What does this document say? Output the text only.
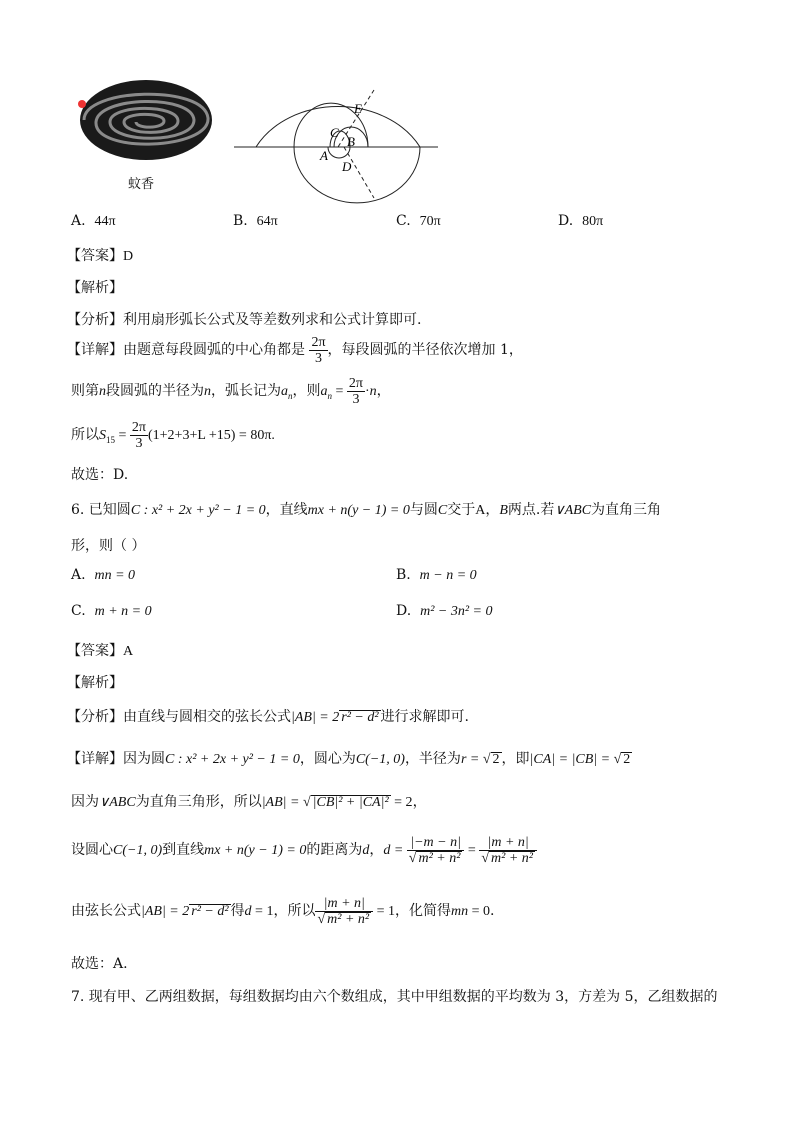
蚊香
E
C
B
A
D
A. 44π	B. 64π	C. 70π	D. 80π
【答案】D
【解析】
【分析】利用扇形弧长公式及等差数列求和公式计算即可.
【详解】由题意每段圆弧的中心角都是 $\frac{2\pi}{3}$ ，每段圆弧的半径依次增加 1，
则第n段圆弧的半径为n，弧长记为$a_n$，则$a_n = \frac{2\pi}{3} \cdot n$，
所以$S_{15} = \frac{2\pi}{3} (1+2+3+L +15) = 80\pi$.
故选：D.
6. 已知圆C : x² + 2x + y² − 1 = 0，直线mx + n(y − 1) = 0与圆C交于A，B两点.若∨ABC为直角三角
形，则（ ）
A. mn = 0	B. m − n = 0
C. m + n = 0	D. m² − 3n² = 0
【答案】A
【解析】
【分析】由直线与圆相交的弦长公式|AB| = 2 r² − d² 进行求解即可.
【详解】因为圆C : x² + 2x + y² − 1 = 0，圆心为C(−1, 0)，半径为r = √ 2 ，即|CA| = |CB| = √ 2
因为∨ABC为直角三角形，所以|AB| = √ |CB|² + |CA|² = 2，
设圆心C(−1, 0)到直线mx + n(y − 1) = 0的距离为d，$d = \frac{|-m - n|}{\text{√ m² + n²}} = \frac{|m + n|}{\text{√ m² + n²}}$
由弦长公式|AB| = 2 r² − d² 得d = 1，所以 $\frac{|m + n|}{\text{√ m² + n²}} = 1$，化简得mn = 0.
故选：A.
7. 现有甲、乙两组数据，每组数据均由六个数组成，其中甲组数据的平均数为 3，方差为 5，乙组数据的
